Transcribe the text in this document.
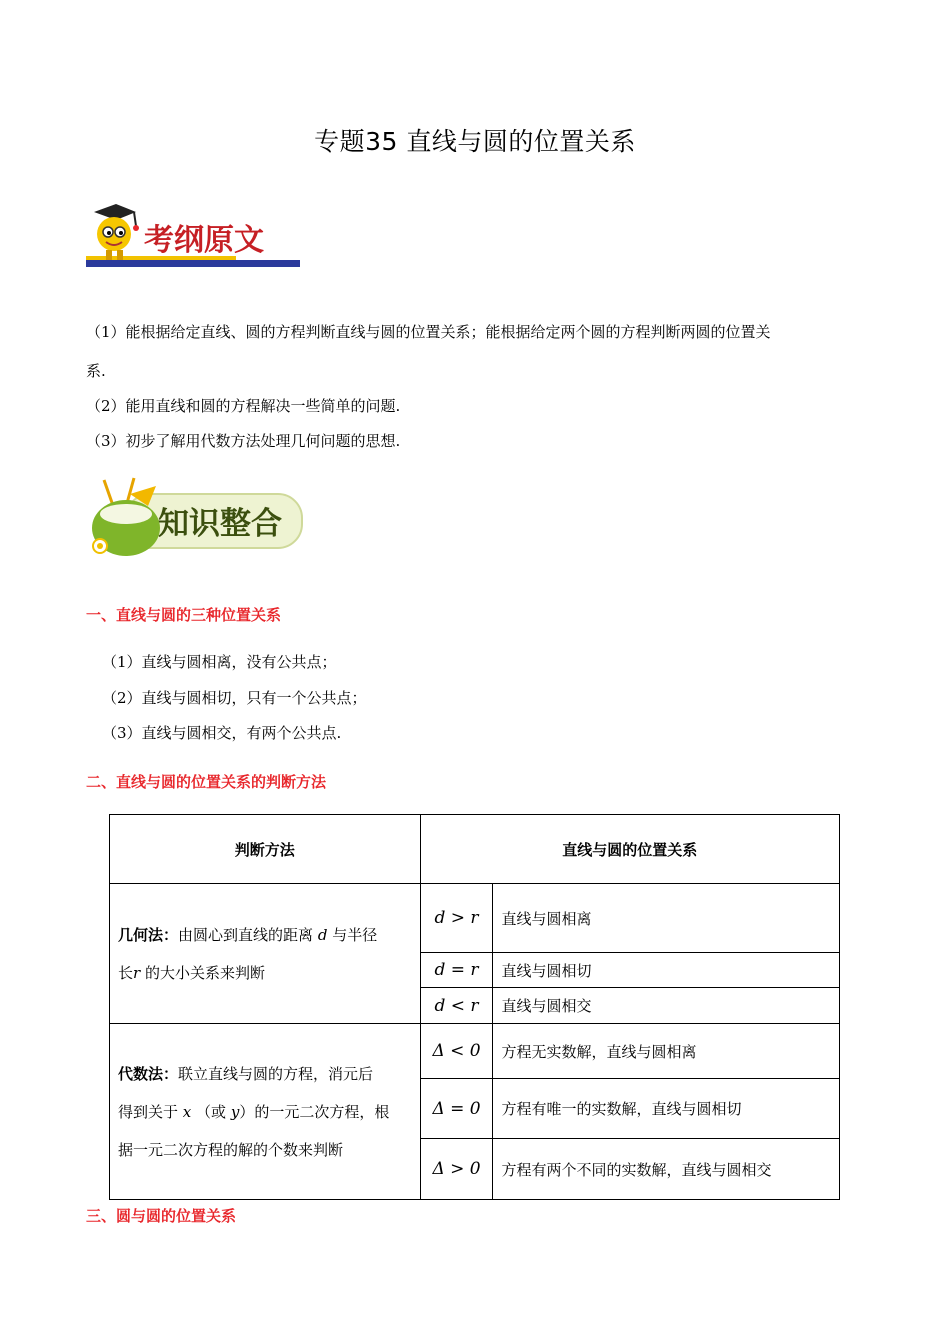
专题35 直线与圆的位置关系
考纲原文
（1）能根据给定直线、圆的方程判断直线与圆的位置关系；能根据给定两个圆的方程判断两圆的位置关
系.
（2）能用直线和圆的方程解决一些简单的问题.
（3）初步了解用代数方法处理几何问题的思想.
知识整合
一、直线与圆的三种位置关系
（1）直线与圆相离，没有公共点；
（2）直线与圆相切，只有一个公共点；
（3）直线与圆相交，有两个公共点.
二、直线与圆的位置关系的判断方法
判断方法	直线与圆的位置关系	
几何法：由圆心到直线的距离 d 与半径
长r 的大小关系来判断	d > r	直线与圆相离
	d = r	直线与圆相切
	d < r	直线与圆相交
代数法：联立直线与圆的方程，消元后
得到关于 x （或 y）的一元二次方程，根
据一元二次方程的解的个数来判断	Δ < 0	方程无实数解，直线与圆相离
	Δ = 0	方程有唯一的实数解，直线与圆相切
	Δ > 0	方程有两个不同的实数解，直线与圆相交
三、圆与圆的位置关系
